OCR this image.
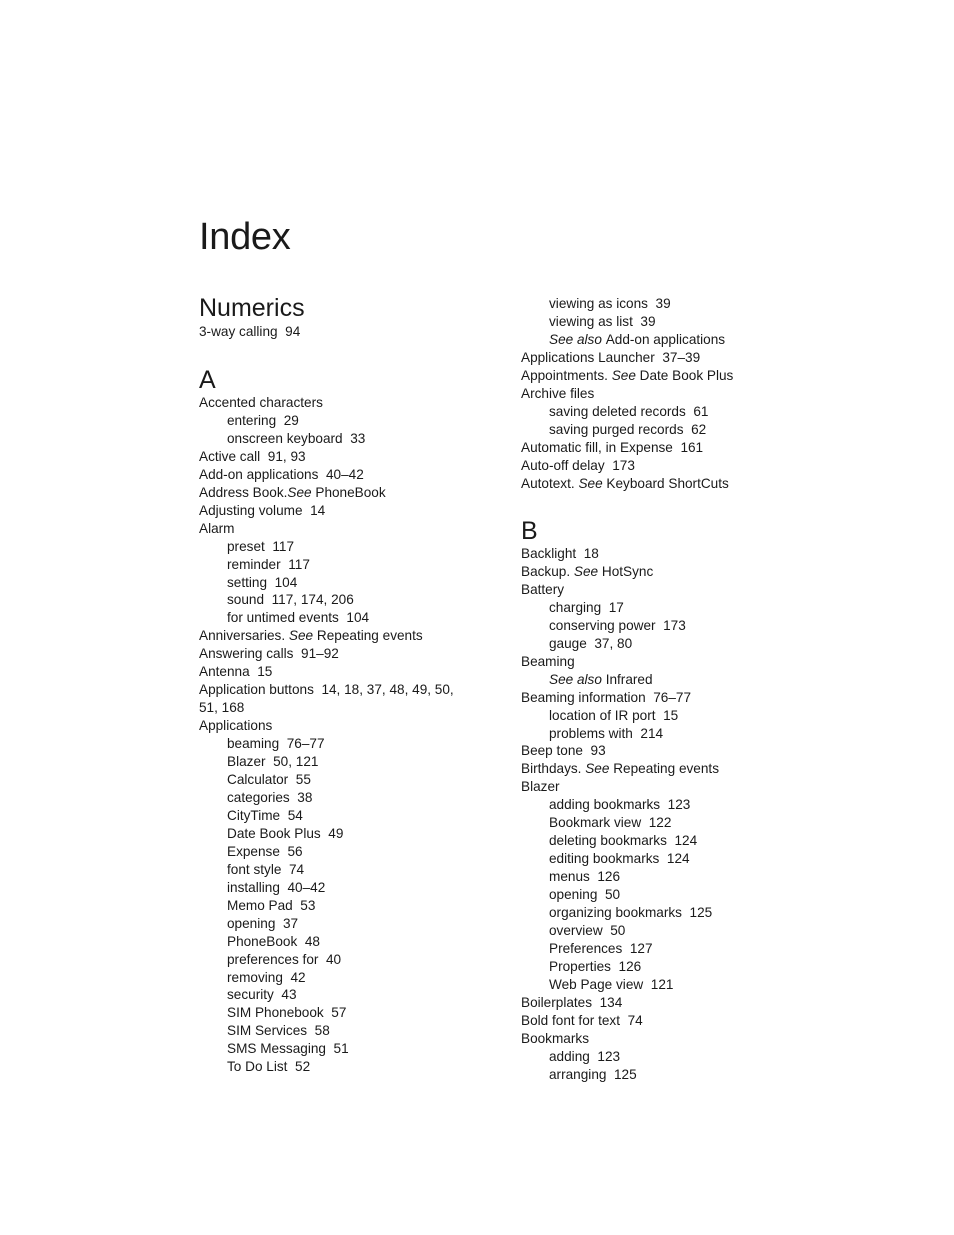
Index
Numerics
3-way calling 94
A
Accented characters
entering 29
onscreen keyboard 33
Active call 91, 93
Add-on applications 40–42
Address Book.See PhoneBook
Adjusting volume 14
Alarm
preset 117
reminder 117
setting 104
sound 117, 174, 206
for untimed events 104
Anniversaries. See Repeating events
Answering calls 91–92
Antenna 15
Application buttons 14, 18, 37, 48, 49, 50,
51, 168
Applications
beaming 76–77
Blazer 50, 121
Calculator 55
categories 38
CityTime 54
Date Book Plus 49
Expense 56
font style 74
installing 40–42
Memo Pad 53
opening 37
PhoneBook 48
preferences for 40
removing 42
security 43
SIM Phonebook 57
SIM Services 58
SMS Messaging 51
To Do List 52
viewing as icons 39
viewing as list 39
See also Add-on applications
Applications Launcher 37–39
Appointments. See Date Book Plus
Archive files
saving deleted records 61
saving purged records 62
Automatic fill, in Expense 161
Auto-off delay 173
Autotext. See Keyboard ShortCuts
B
Backlight 18
Backup. See HotSync
Battery
charging 17
conserving power 173
gauge 37, 80
Beaming
See also Infrared
Beaming information 76–77
location of IR port 15
problems with 214
Beep tone 93
Birthdays. See Repeating events
Blazer
adding bookmarks 123
Bookmark view 122
deleting bookmarks 124
editing bookmarks 124
menus 126
opening 50
organizing bookmarks 125
overview 50
Preferences 127
Properties 126
Web Page view 121
Boilerplates 134
Bold font for text 74
Bookmarks
adding 123
arranging 125
